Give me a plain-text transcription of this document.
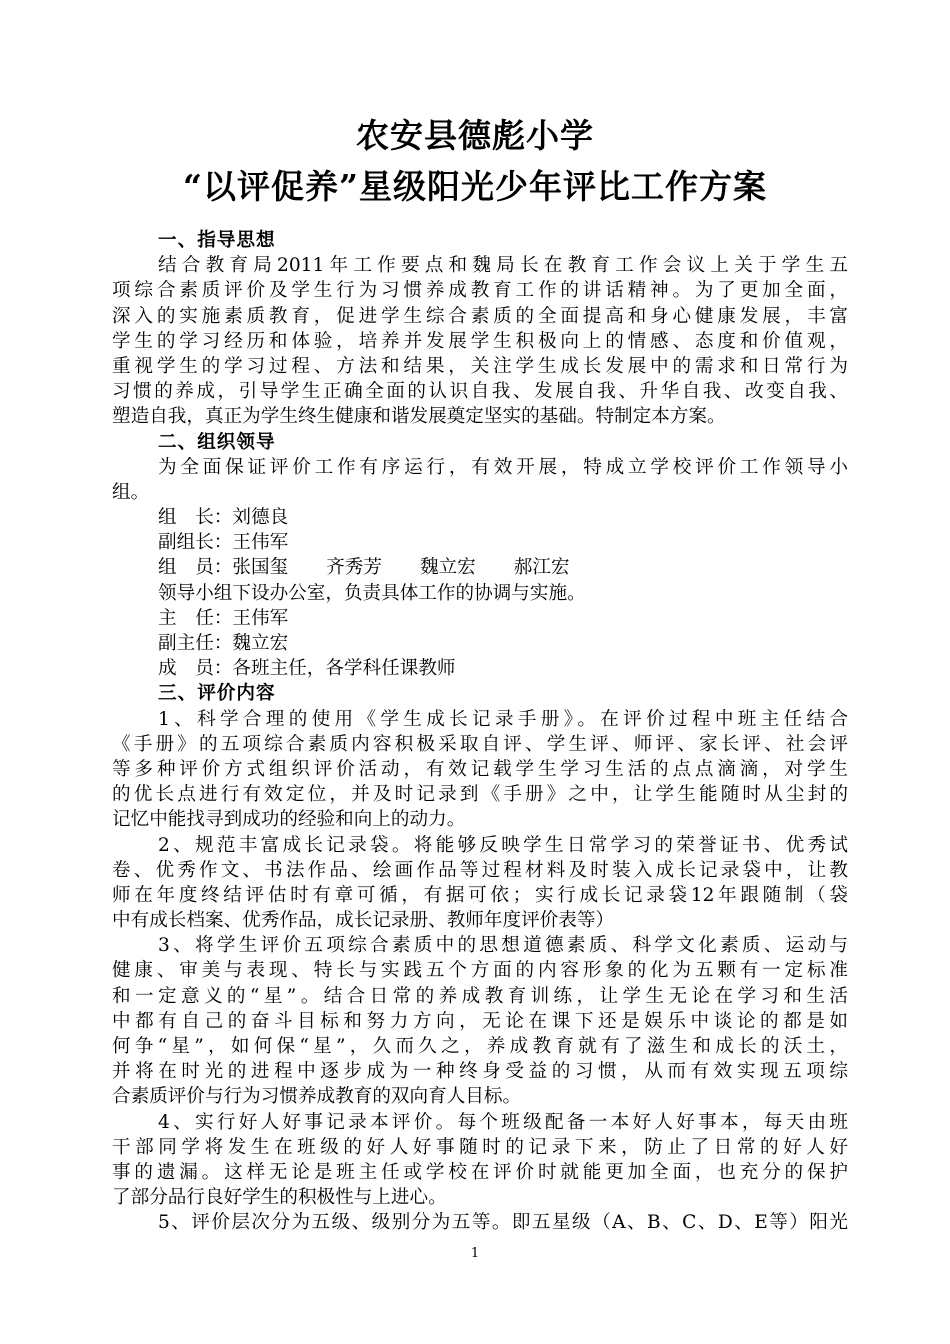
农安县德彪小学
“以评促养”星级阳光少年评比工作方案
一、指导思想
结合教育局2011年工作要点和魏局长在教育工作会议上关于学生五
项综合素质评价及学生行为习惯养成教育工作的讲话精神。为了更加全面，
深入的实施素质教育，促进学生综合素质的全面提高和身心健康发展，丰富
学生的学习经历和体验，培养并发展学生积极向上的情感、态度和价值观，
重视学生的学习过程、方法和结果，关注学生成长发展中的需求和日常行为
习惯的养成，引导学生正确全面的认识自我、发展自我、升华自我、改变自我、
塑造自我，真正为学生终生健康和谐发展奠定坚实的基础。特制定本方案。
二、组织领导
为全面保证评价工作有序运行，有效开展，特成立学校评价工作领导小
组。
组　长：刘德良
副组长：王伟军
组　员：张国玺 齐秀芳 魏立宏 郝江宏
领导小组下设办公室，负责具体工作的协调与实施。
主　任：王伟军
副主任：魏立宏
成　员：各班主任，各学科任课教师
三、评价内容
1、科学合理的使用《学生成长记录手册》。在评价过程中班主任结合
《手册》的五项综合素质内容积极采取自评、学生评、师评、家长评、社会评
等多种评价方式组织评价活动，有效记载学生学习生活的点点滴滴，对学生
的优长点进行有效定位，并及时记录到《手册》之中，让学生能随时从尘封的
记忆中能找寻到成功的经验和向上的动力。
2、规范丰富成长记录袋。将能够反映学生日常学习的荣誉证书、优秀试
卷、优秀作文、书法作品、绘画作品等过程材料及时装入成长记录袋中，让教
师在年度终结评估时有章可循，有据可依；实行成长记录袋12年跟随制（袋
中有成长档案、优秀作品，成长记录册、教师年度评价表等）
3、将学生评价五项综合素质中的思想道德素质、科学文化素质、运动与
健康、审美与表现、特长与实践五个方面的内容形象的化为五颗有一定标准
和一定意义的“星”。结合日常的养成教育训练，让学生无论在学习和生活
中都有自己的奋斗目标和努力方向，无论在课下还是娱乐中谈论的都是如
何争“星”，如何保“星”，久而久之，养成教育就有了滋生和成长的沃土，
并将在时光的进程中逐步成为一种终身受益的习惯，从而有效实现五项综
合素质评价与行为习惯养成教育的双向育人目标。
4、实行好人好事记录本评价。每个班级配备一本好人好事本，每天由班
干部同学将发生在班级的好人好事随时的记录下来，防止了日常的好人好
事的遗漏。这样无论是班主任或学校在评价时就能更加全面，也充分的保护
了部分品行良好学生的积极性与上进心。
5、评价层次分为五级、级别分为五等。即五星级（A、B、C、D、E等）阳光
1
